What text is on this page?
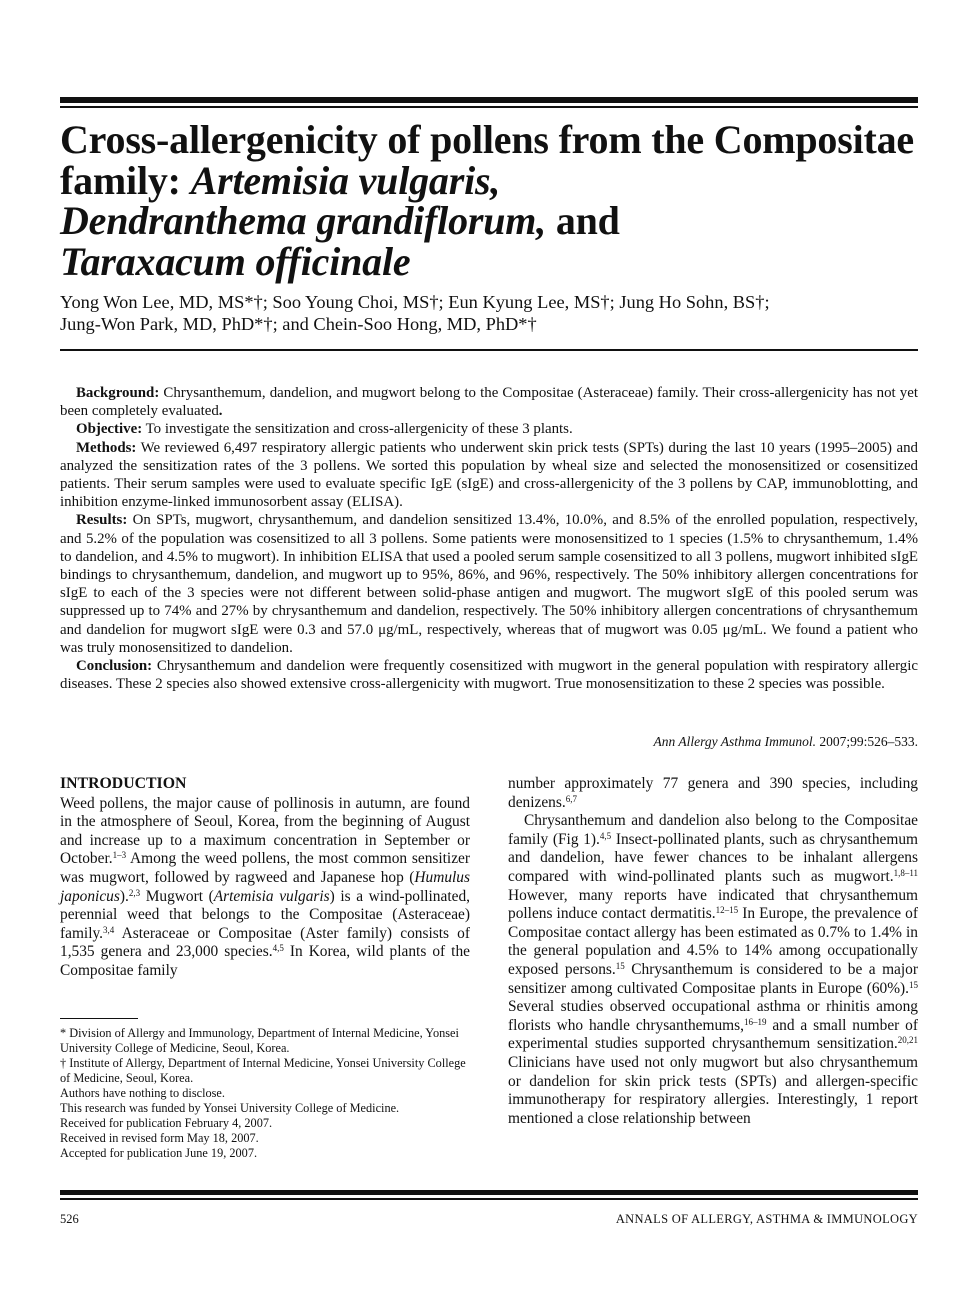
Cross-allergenicity of pollens from the Compositae family: Artemisia vulgaris,
Dendranthema grandiflorum, and
Taraxacum officinale
Yong Won Lee, MD, MS*†; Soo Young Choi, MS†; Eun Kyung Lee, MS†; Jung Ho Sohn, BS†;
Jung-Won Park, MD, PhD*†; and Chein-Soo Hong, MD, PhD*†

Background: Chrysanthemum, dandelion, and mugwort belong to the Compositae (Asteraceae) family. Their cross-allergenicity has not yet been completely evaluated.

Objective: To investigate the sensitization and cross-allergenicity of these 3 plants.

Methods: We reviewed 6,497 respiratory allergic patients who underwent skin prick tests (SPTs) during the last 10 years (1995–2005) and analyzed the sensitization rates of the 3 pollens. We sorted this population by wheal size and selected the monosensitized or cosensitized patients. Their serum samples were used to evaluate specific IgE (sIgE) and cross-allergenicity of the 3 pollens by CAP, immunoblotting, and inhibition enzyme-linked immunosorbent assay (ELISA).

Results: On SPTs, mugwort, chrysanthemum, and dandelion sensitized 13.4%, 10.0%, and 8.5% of the enrolled population, respectively, and 5.2% of the population was cosensitized to all 3 pollens. Some patients were monosensitized to 1 species (1.5% to chrysanthemum, 1.4% to dandelion, and 4.5% to mugwort). In inhibition ELISA that used a pooled serum sample cosensitized to all 3 pollens, mugwort inhibited sIgE bindings to chrysanthemum, dandelion, and mugwort up to 95%, 86%, and 96%, respectively. The 50% inhibitory allergen concentrations for sIgE to each of the 3 species were not different between solid-phase antigen and mugwort. The mugwort sIgE of this pooled serum was suppressed up to 74% and 27% by chrysanthemum and dandelion, respectively. The 50% inhibitory allergen concentrations of chrysanthemum and dandelion for mugwort sIgE were 0.3 and 57.0 μg/mL, respectively, whereas that of mugwort was 0.05 μg/mL. We found a patient who was truly monosensitized to dandelion.

Conclusion: Chrysanthemum and dandelion were frequently cosensitized with mugwort in the general population with respiratory allergic diseases. These 2 species also showed extensive cross-allergenicity with mugwort. True monosensitization to these 2 species was possible.

Ann Allergy Asthma Immunol. 2007;99:526–533.
INTRODUCTION

Weed pollens, the major cause of pollinosis in autumn, are found in the atmosphere of Seoul, Korea, from the beginning of August and increase up to a maximum concentration in September or October.$^{1-3}$ Among the weed pollens, the most common sensitizer was mugwort, followed by ragweed and Japanese hop (Humulus japonicus).$^{2,3}$ Mugwort (Artemisia vulgaris) is a wind-pollinated, perennial weed that belongs to the Compositae (Asteraceae) family.$^{3,4}$ Asteraceae or Compositae (Aster family) consists of 1,535 genera and 23,000 species.$^{4,5}$ In Korea, wild plants of the Compositae family

number approximately 77 genera and 390 species, including denizens.$^{6,7}$

Chrysanthemum and dandelion also belong to the Compositae family (Fig 1).$^{4,5}$ Insect-pollinated plants, such as chrysanthemum and dandelion, have fewer chances to be inhalant allergens compared with wind-pollinated plants such as mugwort.$^{1,8-11}$ However, many reports have indicated that chrysanthemum pollens induce contact dermatitis.$^{12-15}$ In Europe, the prevalence of Compositae contact allergy has been estimated as 0.7% to 1.4% in the general population and 4.5% to 14% among occupationally exposed persons.$^{15}$ Chrysanthemum is considered to be a major sensitizer among cultivated Compositae plants in Europe (60%).$^{15}$ Several studies observed occupational asthma or rhinitis among florists who handle chrysanthemums,$^{16-19}$ and a small number of experimental studies supported chrysanthemum sensitization.$^{20,21}$ Clinicians have used not only mugwort but also chrysanthemum or dandelion for skin prick tests (SPTs) and allergen-specific immunotherapy for respiratory allergies. Interestingly, 1 report mentioned a close relationship between

* Division of Allergy and Immunology, Department of Internal Medicine, Yonsei University College of Medicine, Seoul, Korea.

† Institute of Allergy, Department of Internal Medicine, Yonsei University College of Medicine, Seoul, Korea.

Authors have nothing to disclose.

This research was funded by Yonsei University College of Medicine.

Received for publication February 4, 2007.

Received in revised form May 18, 2007.

Accepted for publication June 19, 2007.

526	ANNALS OF ALLERGY, ASTHMA & IMMUNOLOGY
